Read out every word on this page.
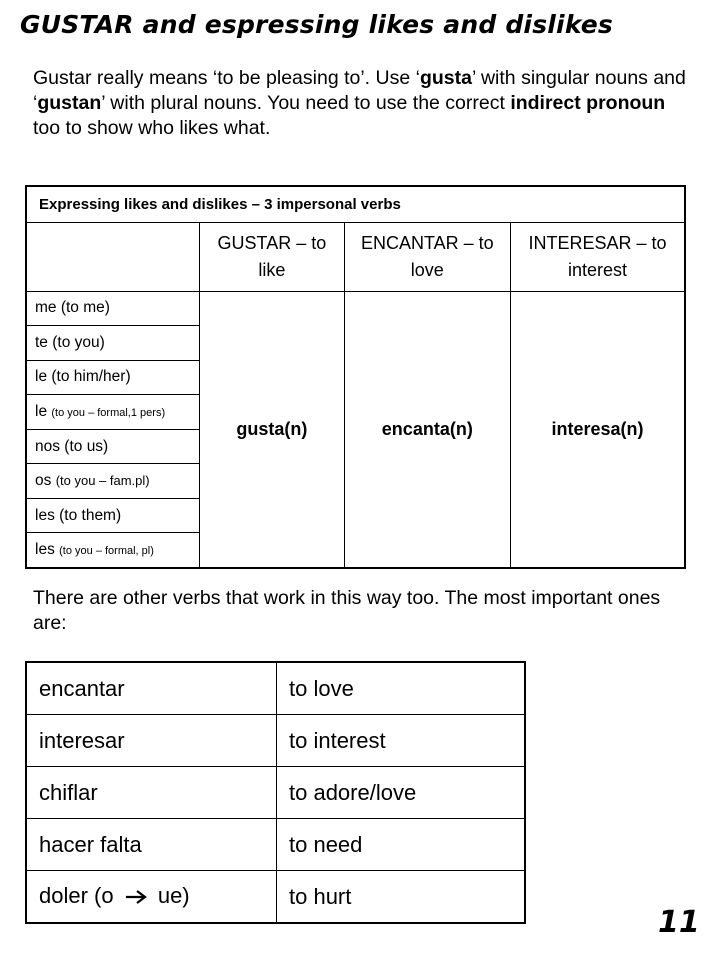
GUSTAR and espressing likes and dislikes

Gustar really means ‘to be pleasing to’. Use ‘gusta’ with singular nouns and ‘gustan’ with plural nouns. You need to use the correct indirect pronoun too to show who likes what.

Expressing likes and dislikes – 3 impersonal verbs			
	GUSTAR – to like	ENCANTAR – to love	INTERESAR – to interest
me (to me)	gusta(n)	encanta(n)	interesa(n)
te (to you)			
le (to him/her)			
le (to you – formal,1 pers)			
nos (to us)			
os (to you – fam.pl)			
les (to them)			
les (to you – formal, pl)			

There are other verbs that work in this way too. The most important ones are:

encantar	to love
interesar	to interest
chiflar	to adore/love
hacer falta	to need
doler (o  ue)	to hurt
11
